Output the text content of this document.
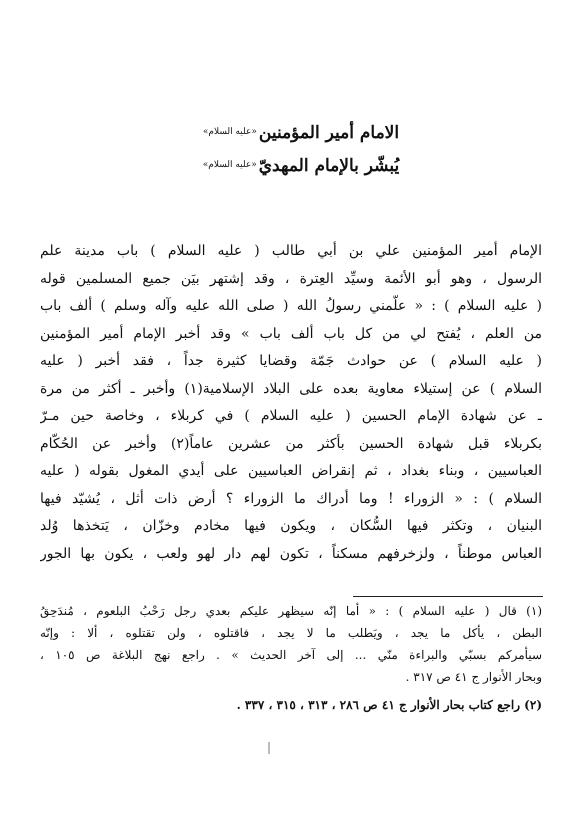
الامام أمير المؤمنين$^{«عليه السلام»}$
يُبشّر بالإمام المهديّ$^{«عليه السلام»}$
الإمام أمير المؤمنين علي بن أبي طالب ( عليه السلام ) باب مدينة علم
الرسول ، وهو أبو الأئمة وسيِّد العِترة ، وقد إشتهر بيَن جميع المسلمين قوله
( عليه السلام ) : « علّمني رسولُ الله ( صلى الله عليه وآله وسلم ) ألف باب
من العلم ، يُفتح لي من كل باب ألف باب » وقد أخبر الإمام أمير المؤمنين
( عليه السلام ) عن حوادث جَمّة وقضايا كثيرة جداً ، فقد أخبر ( عليه
السلام ) عن إستيلاء معاوية بعده على البلاد الإسلامية(١) وأخبر ـ أكثر من مرة
ـ عن شهادة الإمام الحسين ( عليه السلام ) في كربلاء ، وخاصة حين مـرّ
بكربلاء قبل شهادة الحسين بأكثر من عشرين عاماً(٢) وأخبر عن الحُكّام
العباسيين ، وبناء بغداد ، ثم إنقراض العباسيين على أيدي المغول بقوله ( عليه
السلام ) : « الزوراء ! وما أدراك ما الزوراء ؟ أرض ذات أثل ، يُشيّد فيها
البنيان ، وتكثر فيها السُّكان ، ويكون فيها مخادم وخزّان ، يَتخذها وُلد
العباس موطناً ، ولزخرفهم مسكناً ، تكون لهم دار لهو ولعب ، يكون بها الجور
(١) قال ( عليه السلام ) : « أما إنّه سيظهر عليكم بعدي رجل رَحْبُ البلعوم ، مُندَحِقُ
البطن ، يأكل ما يجد ، ويَطلب ما لا يجد ، فاقتلوه ، ولن تقتلوه ، ألا : وإنّه
سيأمركم بسبّي والبراءة منّي ... إلى آخر الحديث » . راجع نهج البلاغة ص ١٠٥ ،
وبحار الأنوار ج ٤١ ص ٣١٧ .
(٢) راجع كتاب بحار الأنوار ج ٤١ ص ٢٨٦ ، ٣١٣ ، ٣١٥ ، ٣٣٧ .
